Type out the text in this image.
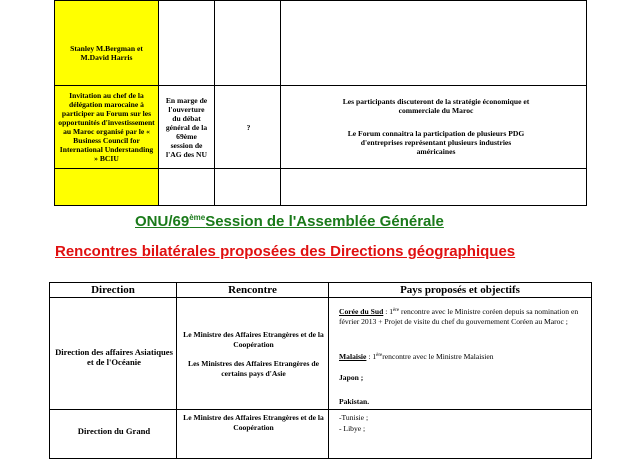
Stanley M.Bergman et M.David Harris
Invitation au chef de la délégation marocaine à participer au Forum sur les opportunités d'investissement au Maroc organisé par le « Business Council for International Understanding » BCIU
En marge de l'ouverture du débat général de la 69ème session de l'AG des NU
?
Les participants discuteront de la stratégie économique et commerciale du Maroc
Le Forum connaitra la participation de plusieurs PDG d'entreprises représentant plusieurs industries américaines
ONU/69èmeSession de l'Assemblée Générale
Rencontres bilatérales proposées des Directions géographiques
Direction	Rencontre	Pays proposés et objectifs
Direction des affaires Asiatiques et de l'Océanie
Le Ministre des Affaires Etrangères et de la Coopération
Les Ministres des Affaires Etrangères de certains pays d'Asie
Corée du Sud : 1ère rencontre avec le Ministre coréen depuis sa nomination en février 2013 + Projet de visite du chef du gouvernement Coréen au Maroc ;
Malaisie : 1èrerencontre avec le Ministre Malaisien
Japon ;
Pakistan.
Direction du Grand
Le Ministre des Affaires Etrangères et de la Coopération
-Tunisie ;
- Libye ;
